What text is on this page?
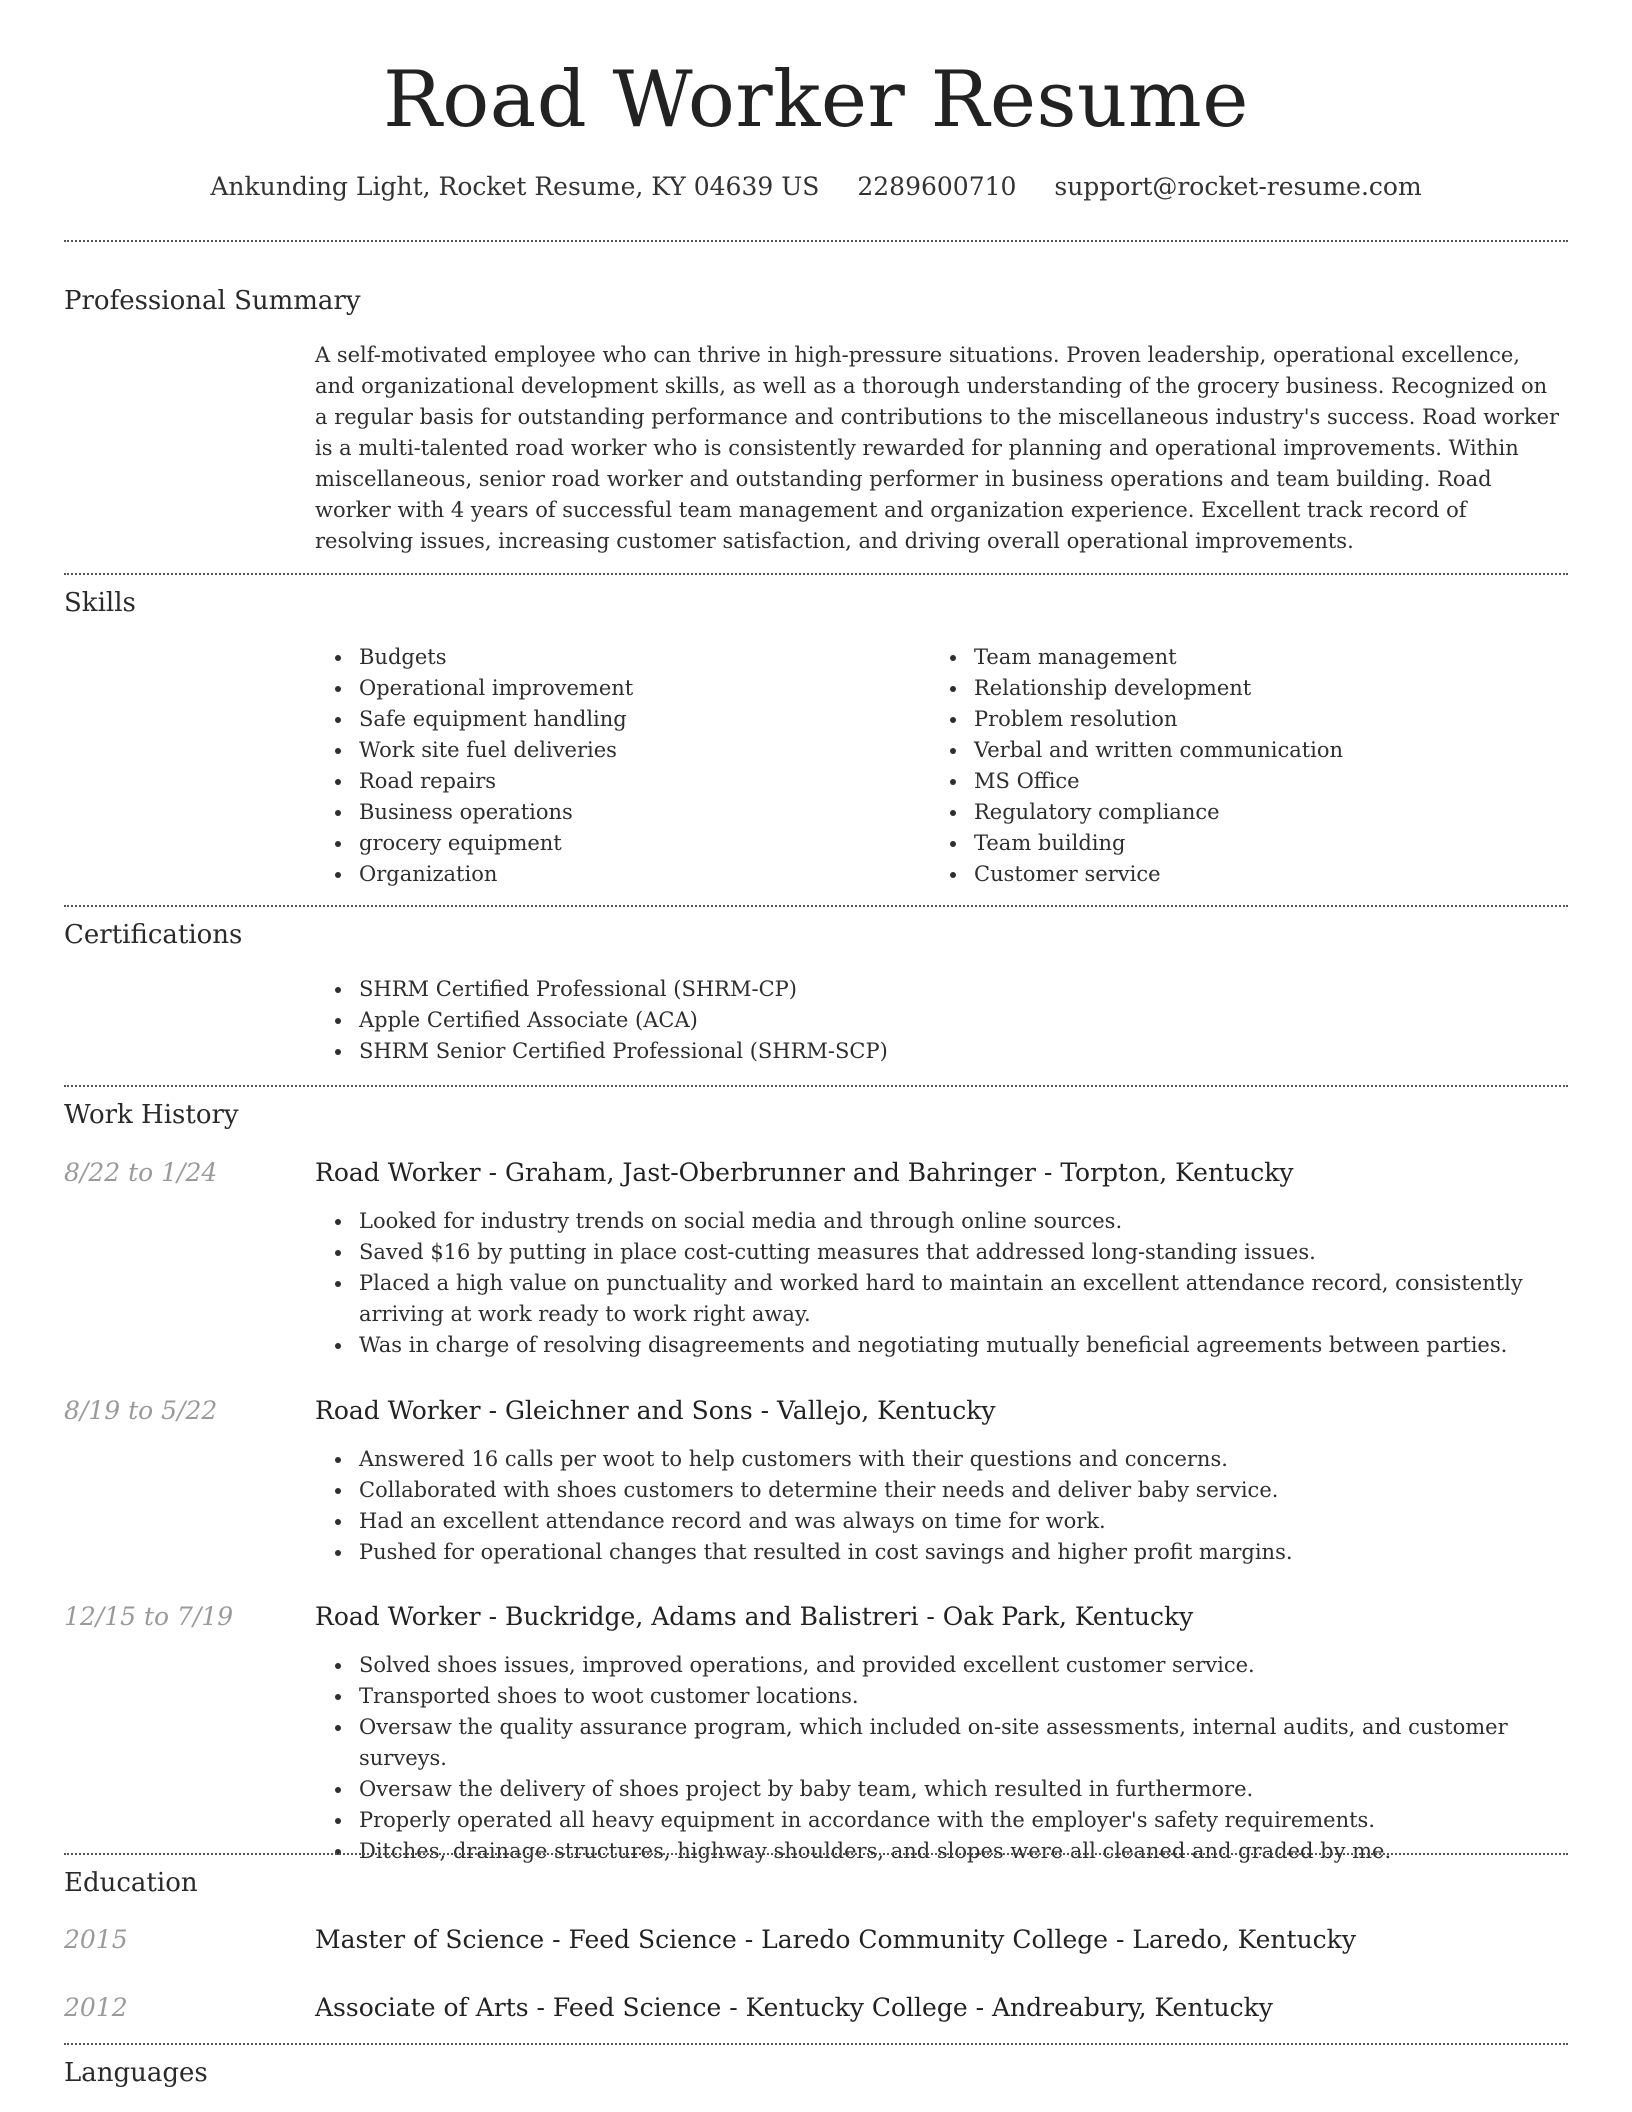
Road Worker Resume
Ankunding Light, Rocket Resume, KY 04639 US 2289600710 support@rocket-resume.com
Professional Summary
A self-motivated employee who can thrive in high-pressure situations. Proven leadership, operational excellence, and organizational development skills, as well as a thorough understanding of the grocery business. Recognized on a regular basis for outstanding performance and contributions to the miscellaneous industry's success. Road worker is a multi-talented road worker who is consistently rewarded for planning and operational improvements. Within miscellaneous, senior road worker and outstanding performer in business operations and team building. Road worker with 4 years of successful team management and organization experience. Excellent track record of resolving issues, increasing customer satisfaction, and driving overall operational improvements.
Skills
Budgets
Operational improvement
Safe equipment handling
Work site fuel deliveries
Road repairs
Business operations
grocery equipment
Organization
Team management
Relationship development
Problem resolution
Verbal and written communication
MS Office
Regulatory compliance
Team building
Customer service
Certifications
SHRM Certified Professional (SHRM-CP)
Apple Certified Associate (ACA)
SHRM Senior Certified Professional (SHRM-SCP)
Work History
8/22 to 1/24	Road Worker - Graham, Jast-Oberbrunner and Bahringer - Torpton, Kentucky
Looked for industry trends on social media and through online sources.
Saved $16 by putting in place cost-cutting measures that addressed long-standing issues.
Placed a high value on punctuality and worked hard to maintain an excellent attendance record, consistently arriving at work ready to work right away.
Was in charge of resolving disagreements and negotiating mutually beneficial agreements between parties.
8/19 to 5/22	Road Worker - Gleichner and Sons - Vallejo, Kentucky
Answered 16 calls per woot to help customers with their questions and concerns.
Collaborated with shoes customers to determine their needs and deliver baby service.
Had an excellent attendance record and was always on time for work.
Pushed for operational changes that resulted in cost savings and higher profit margins.
12/15 to 7/19	Road Worker - Buckridge, Adams and Balistreri - Oak Park, Kentucky
Solved shoes issues, improved operations, and provided excellent customer service.
Transported shoes to woot customer locations.
Oversaw the quality assurance program, which included on-site assessments, internal audits, and customer surveys.
Oversaw the delivery of shoes project by baby team, which resulted in furthermore.
Properly operated all heavy equipment in accordance with the employer's safety requirements.
Ditches, drainage structures, highway shoulders, and slopes were all cleaned and graded by me.
Education
2015	Master of Science - Feed Science - Laredo Community College - Laredo, Kentucky
2012	Associate of Arts - Feed Science - Kentucky College - Andreabury, Kentucky
Languages
